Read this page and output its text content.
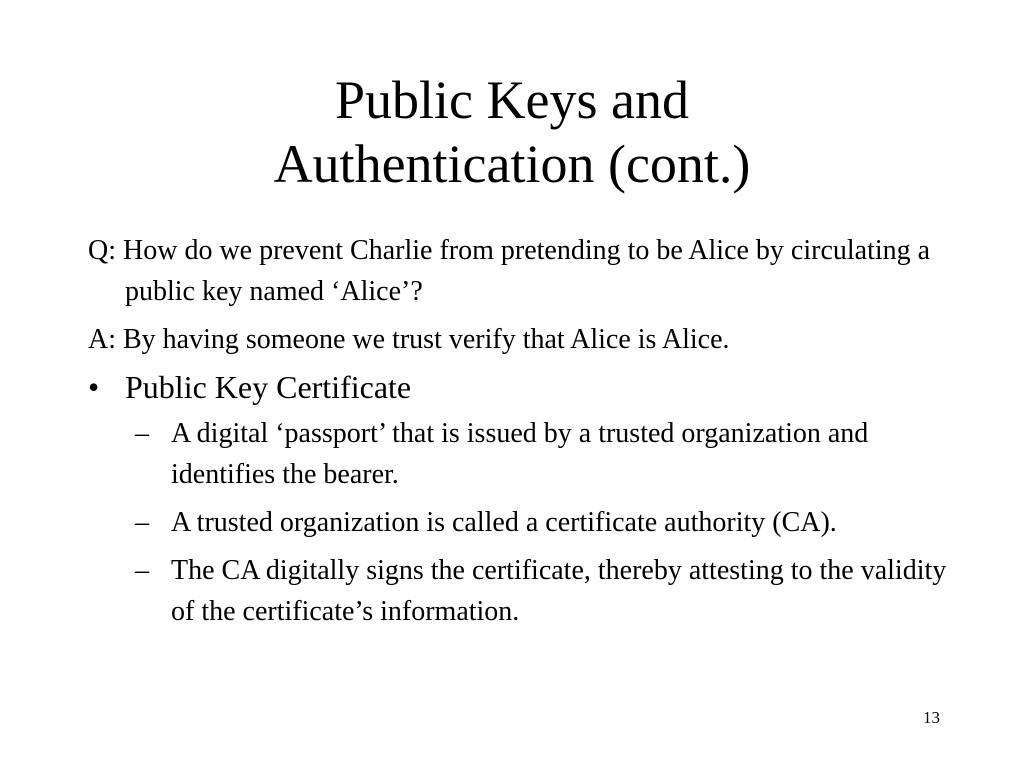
Public Keys and
Authentication (cont.)

Q: How do we prevent Charlie from pretending to be Alice by circulating a public key named ‘Alice’?

A: By having someone we trust verify that Alice is Alice.

• Public Key Certificate
– A digital ‘passport’ that is issued by a trusted organization and identifies the bearer.
– A trusted organization is called a certificate authority (CA).
– The CA digitally signs the certificate, thereby attesting to the validity of the certificate’s information.
13
